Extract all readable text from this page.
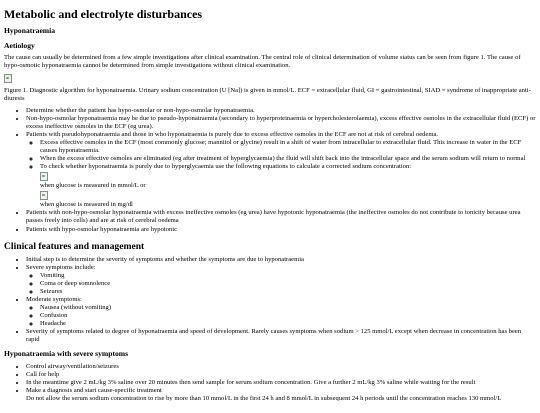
Metabolic and electrolyte disturbances
Hyponatraemia
Aetiology

The cause can usually be determined from a few simple investigations after clinical examination. The central role of clinical determination of volume status can be seen from figure 1. The cause of hypo-osmotic hyponatraemia cannot be determined from simple investigations without clinical examination.

Figure 1. Diagnostic algorithm for hyponatraemia. Urinary sodium concentration (U [Na]) is given in mmol/L. ECF = extracellular fluid, GI = gastrointestinal, SIAD = syndrome of inappropriate anti-diuresis

• Determine whether the patient has hypo-osmolar or non-hypo-osmolar hyponatraemia.
• Non-hypo-osmolar hyponatraemia may be due to pseudo-hyponatraemia (secondary to hyperproteinaemia or hypercholesterolaemia), excess effective osmoles in the extracellular fluid (ECF) or excess ineffective osmoles in the ECF (eg urea).
• Patients with pseudohyponatraemia and those in who hyponatraemia is purely due to excess effective osmoles in the ECF are not at risk of cerebral oedema.
◦ Excess effective osmoles in the ECF (most commonly glucose; mannitol or glycine) result in a shift of water from intracellular to extracellular fluid. This increase in water in the ECF causes hyponatraemia.
◦ When the excess effective osmoles are eliminated (eg after treatment of hyperglycaemia) the fluid will shift back into the intracellular space and the serum sodium will return to normal
◦ To check whether hyponatraemia is purely due to hyperglycaemia use the following equations to calculate a corrected sodium concentration:
when glucose is measured in mmol/L or
when glucose is measured in mg/dl
• Patients with non-hypo-osmolar hyponatraemia with excess ineffective osmoles (eg urea) have hypotonic hyponatraemia (the ineffective osmoles do not contribute to tonicity because urea passes freely into cells) and are at risk of cerebral oedema
• Patients with hypo-osmolar hyponatraemia are hypotonic
Clinical features and management
• Initial step is to determine the severity of symptoms and whether the symptoms are due to hyponatraemia
• Severe symptoms include:
◦ Vomiting
◦ Coma or deep somnolence
◦ Seizures
• Moderate symptoms:
◦ Nausea (without vomiting)
◦ Confusion
◦ Headache
• Severity of symptoms related to degree of hyponatraemia and speed of development. Rarely causes symptoms when sodium > 125 mmol/L except when decrease in concentration has been rapid
Hyponatraemia with severe symptoms
• Control airway/ventilation/seizures
• Call for help
• In the meantime give 2 mL/kg 3% saline over 20 minutes then send sample for serum sodium concentration. Give a further 2 mL/kg 3% saline while waiting for the result
• Make a diagnosis and start cause-specific treatment
• Do not allow the serum sodium concentration to rise by more than 10 mmol/L in the first 24 h and 8 mmol/L in subsequent 24 h periods until the concentration reaches 130 mmol/L
